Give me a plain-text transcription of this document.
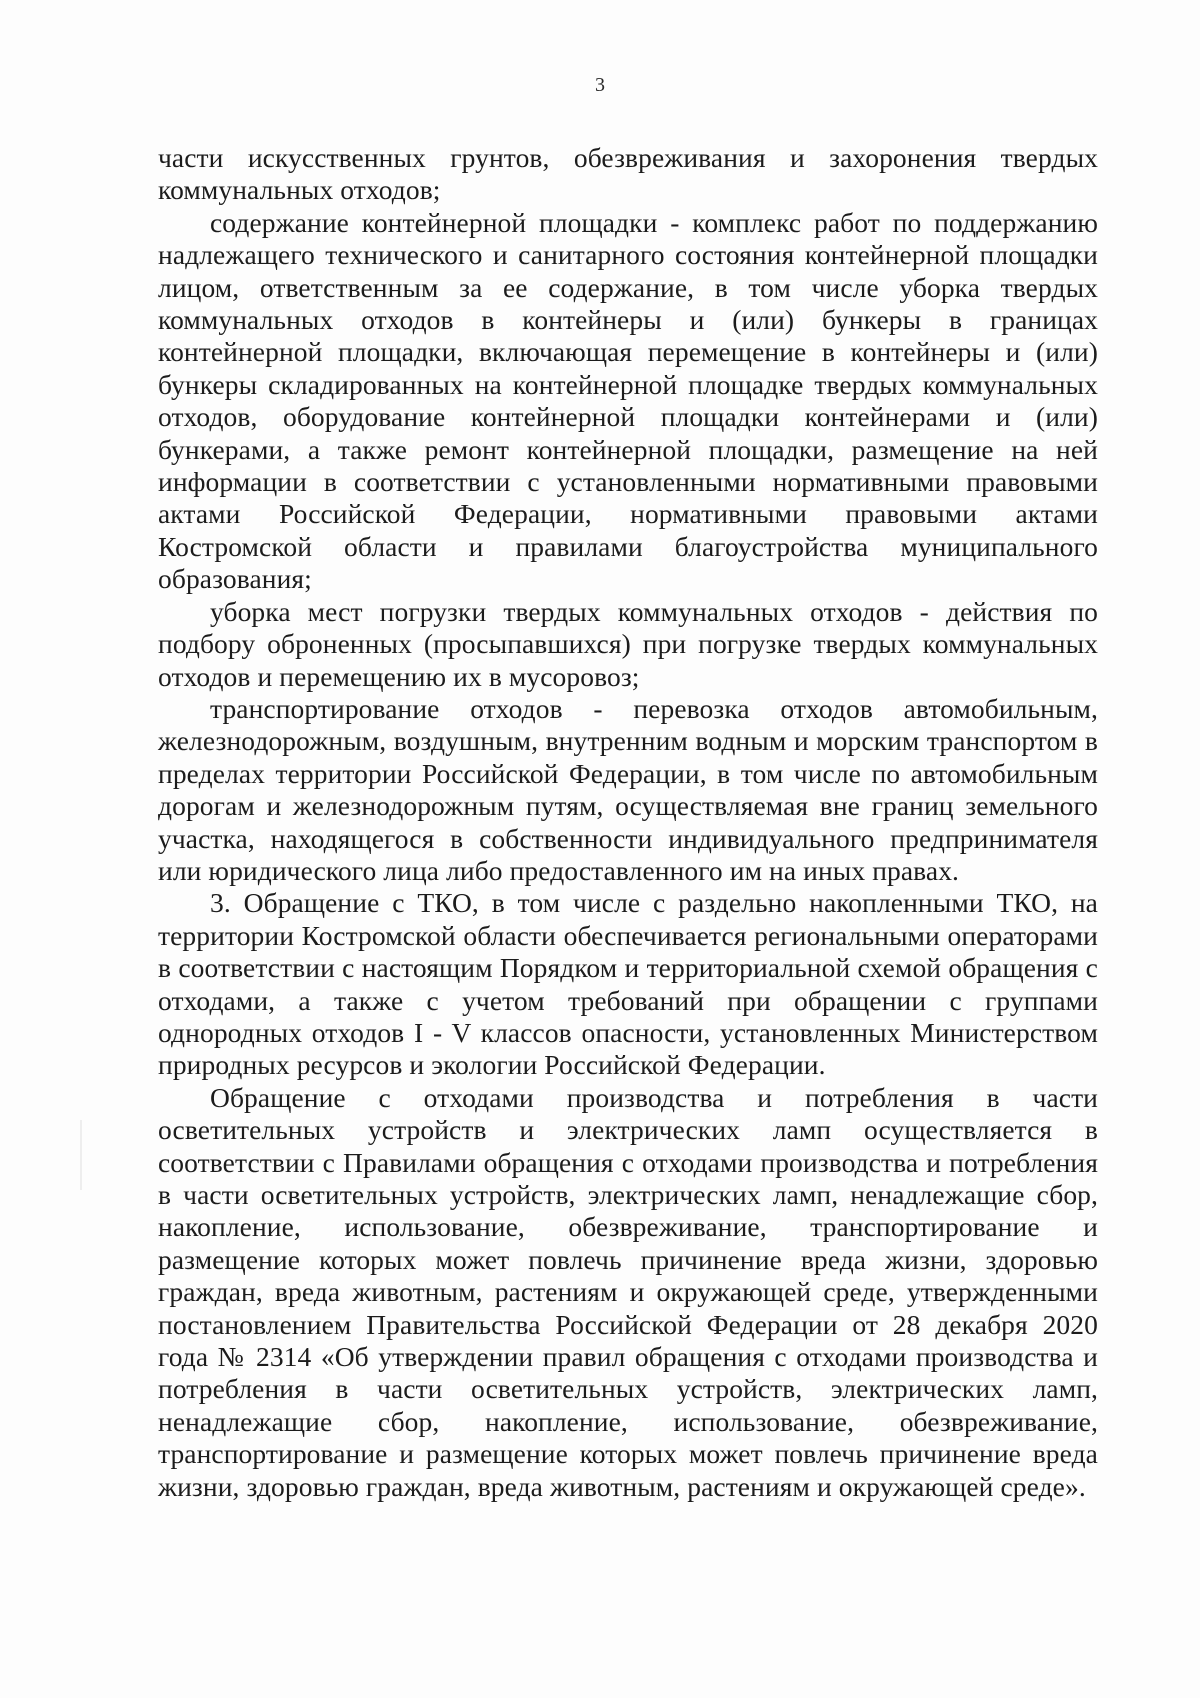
3

части искусственных грунтов, обезвреживания и захоронения твердых коммунальных отходов;

содержание контейнерной площадки - комплекс работ по поддержанию надлежащего технического и санитарного состояния контейнерной площадки лицом, ответственным за ее содержание, в том числе уборка твердых коммунальных отходов в контейнеры и (или) бункеры в границах контейнерной площадки, включающая перемещение в контейнеры и (или) бункеры складированных на контейнерной площадке твердых коммунальных отходов, оборудование контейнерной площадки контейнерами и (или) бункерами, а также ремонт контейнерной площадки, размещение на ней информации в соответствии с установленными нормативными правовыми актами Российской Федерации, нормативными правовыми актами Костромской области и правилами благоустройства муниципального образования;

уборка мест погрузки твердых коммунальных отходов - действия по подбору оброненных (просыпавшихся) при погрузке твердых коммунальных отходов и перемещению их в мусоровоз;

транспортирование отходов - перевозка отходов автомобильным, железнодорожным, воздушным, внутренним водным и морским транспортом в пределах территории Российской Федерации, в том числе по автомобильным дорогам и железнодорожным путям, осуществляемая вне границ земельного участка, находящегося в собственности индивидуального предпринимателя или юридического лица либо предоставленного им на иных правах.

3. Обращение с ТКО, в том числе с раздельно накопленными ТКО, на территории Костромской области обеспечивается региональными операторами в соответствии с настоящим Порядком и территориальной схемой обращения с отходами, а также с учетом требований при обращении с группами однородных отходов I - V классов опасности, установленных Министерством природных ресурсов и экологии Российской Федерации.

Обращение с отходами производства и потребления в части осветительных устройств и электрических ламп осуществляется в соответствии с Правилами обращения с отходами производства и потребления в части осветительных устройств, электрических ламп, ненадлежащие сбор, накопление, использование, обезвреживание, транспортирование и размещение которых может повлечь причинение вреда жизни, здоровью граждан, вреда животным, растениям и окружающей среде, утвержденными постановлением Правительства Российской Федерации от 28 декабря 2020 года № 2314 «Об утверждении правил обращения с отходами производства и потребления в части осветительных устройств, электрических ламп, ненадлежащие сбор, накопление, использование, обезвреживание, транспортирование и размещение которых может повлечь причинение вреда жизни, здоровью граждан, вреда животным, растениям и окружающей среде».
